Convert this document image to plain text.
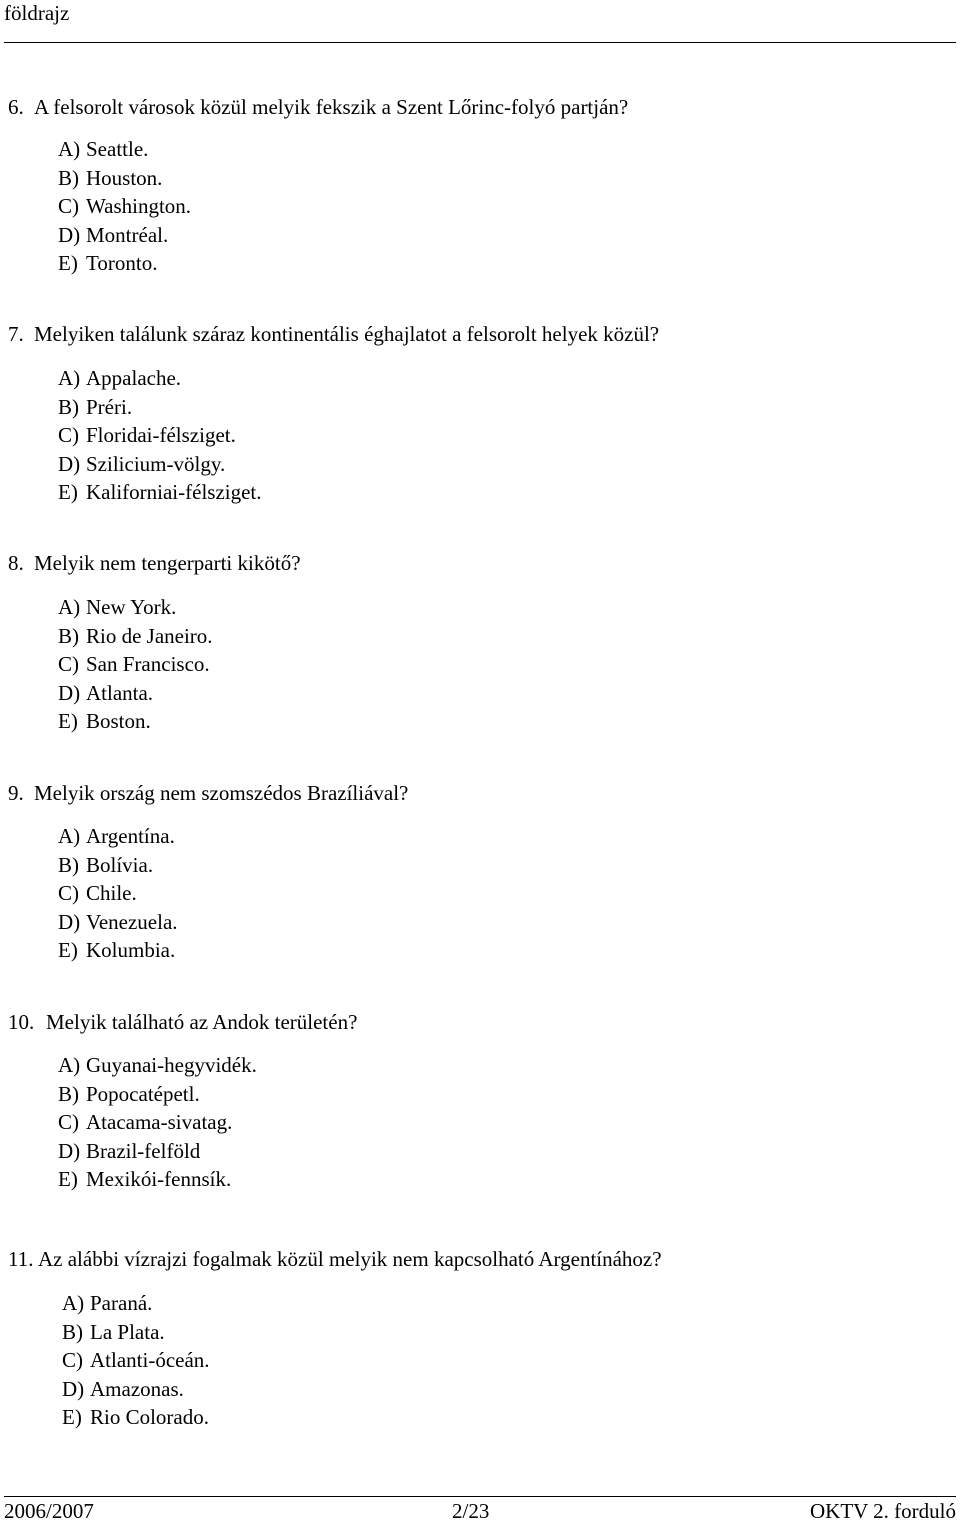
földrajz
6. A felsorolt városok közül melyik fekszik a Szent Lőrinc-folyó partján?
A) Seattle.
B) Houston.
C) Washington.
D) Montréal.
E) Toronto.
7. Melyiken találunk száraz kontinentális éghajlatot a felsorolt helyek közül?
A) Appalache.
B) Préri.
C) Floridai-félsziget.
D) Szilicium-völgy.
E) Kaliforniai-félsziget.
8. Melyik nem tengerparti kikötő?
A) New York.
B) Rio de Janeiro.
C) San Francisco.
D) Atlanta.
E) Boston.
9. Melyik ország nem szomszédos Brazíliával?
A) Argentína.
B) Bolívia.
C) Chile.
D) Venezuela.
E) Kolumbia.
10. Melyik található az Andok területén?
A) Guyanai-hegyvidék.
B) Popocatépetl.
C) Atacama-sivatag.
D) Brazil-felföld
E) Mexikói-fennsík.
11. Az alábbi vízrajzi fogalmak közül melyik nem kapcsolható Argentínához?
A) Paraná.
B) La Plata.
C) Atlanti-óceán.
D) Amazonas.
E) Rio Colorado.
2006/2007	2/23	OKTV 2. forduló
